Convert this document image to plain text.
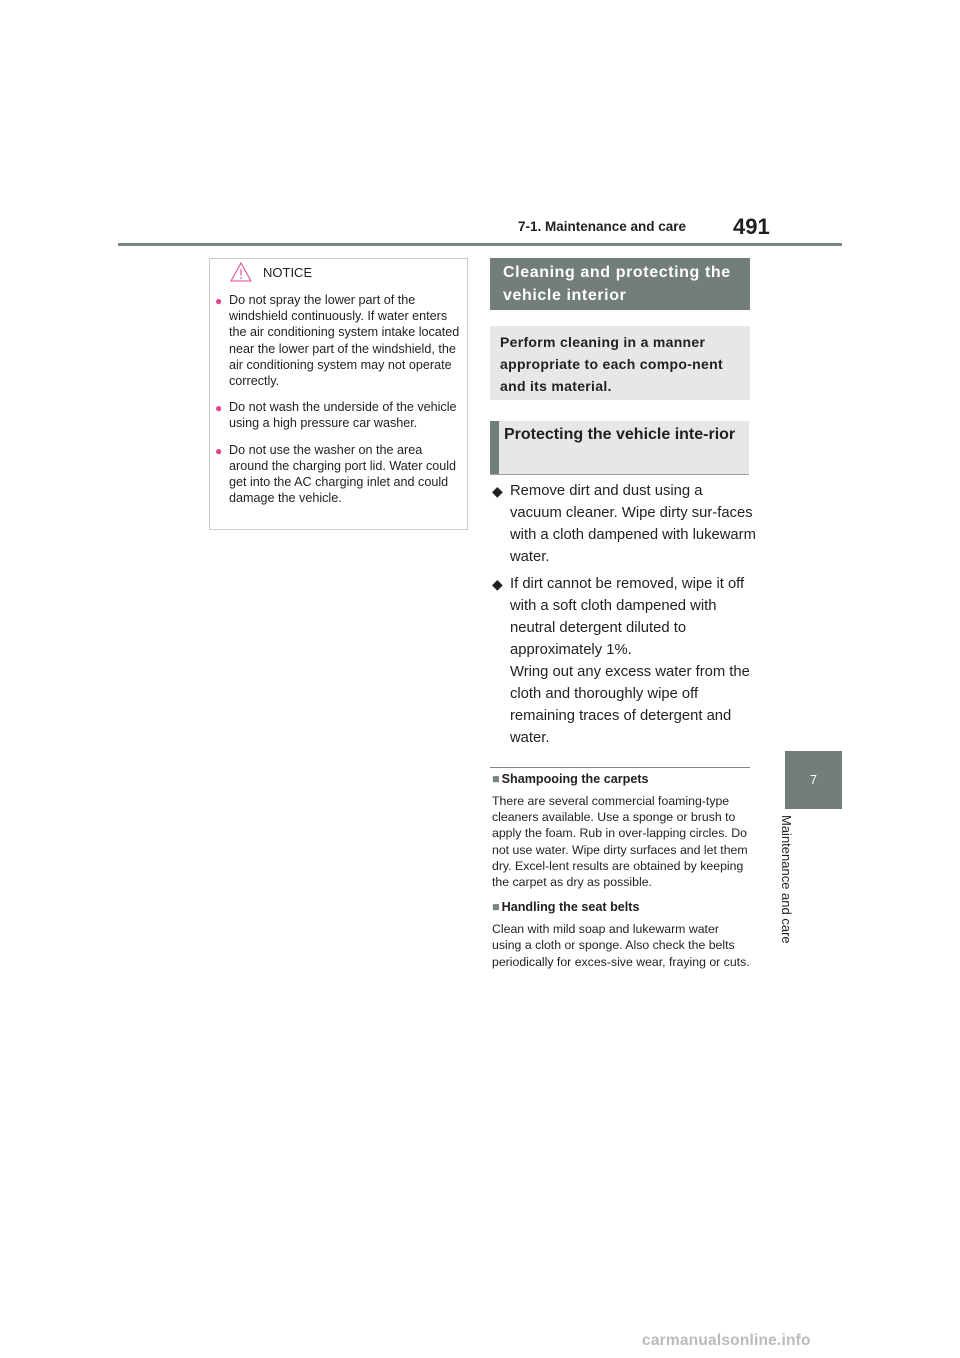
7-1. Maintenance and care 491
7
Maintenance and care
NOTICE
● Do not spray the lower part of the windshield continuously. If water enters the air conditioning system intake located near the lower part of the windshield, the air conditioning system may not operate correctly.
● Do not wash the underside of the vehicle using a high pressure car washer.
● Do not use the washer on the area around the charging port lid. Water could get into the AC charging inlet and could damage the vehicle.
Cleaning and protecting the vehicle interior
Perform cleaning in a manner appropriate to each compo-nent and its material.
Protecting the vehicle inte-rior
◆ Remove dirt and dust using a vacuum cleaner. Wipe dirty sur-faces with a cloth dampened with lukewarm water.
◆ If dirt cannot be removed, wipe it off with a soft cloth dampened with neutral detergent diluted to approximately 1%.
Wring out any excess water from the cloth and thoroughly wipe off remaining traces of detergent and water.
■ Shampooing the carpets
There are several commercial foaming-type cleaners available. Use a sponge or brush to apply the foam. Rub in over-lapping circles. Do not use water. Wipe dirty surfaces and let them dry. Excel-lent results are obtained by keeping the carpet as dry as possible.
■ Handling the seat belts
Clean with mild soap and lukewarm water using a cloth or sponge. Also check the belts periodically for exces-sive wear, fraying or cuts.
carmanualsonline.info
